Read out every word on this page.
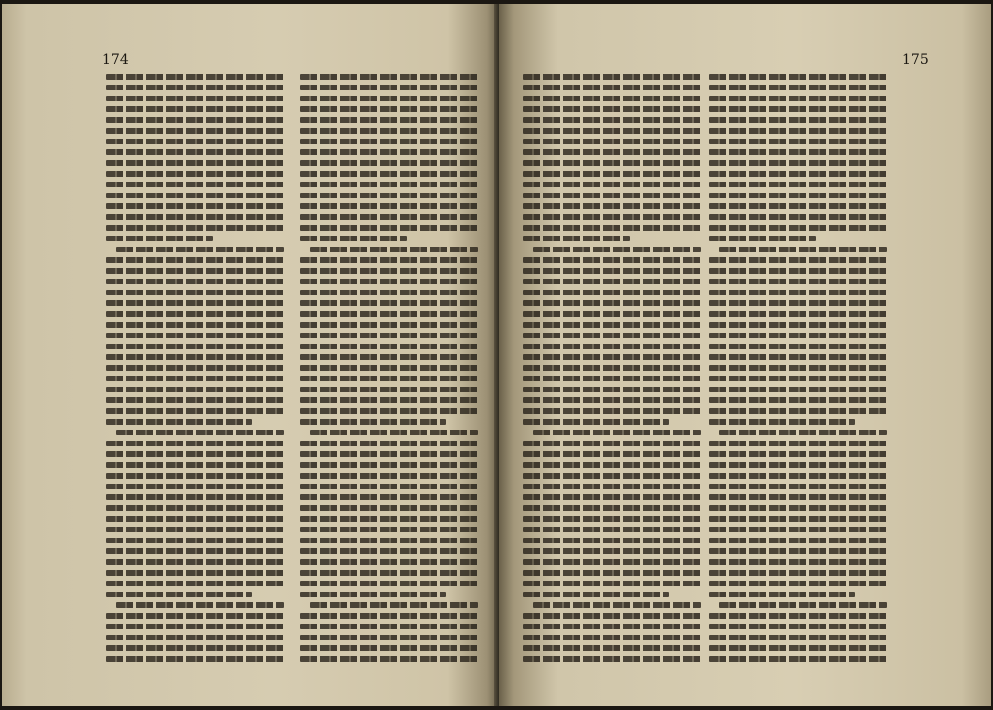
174	175
